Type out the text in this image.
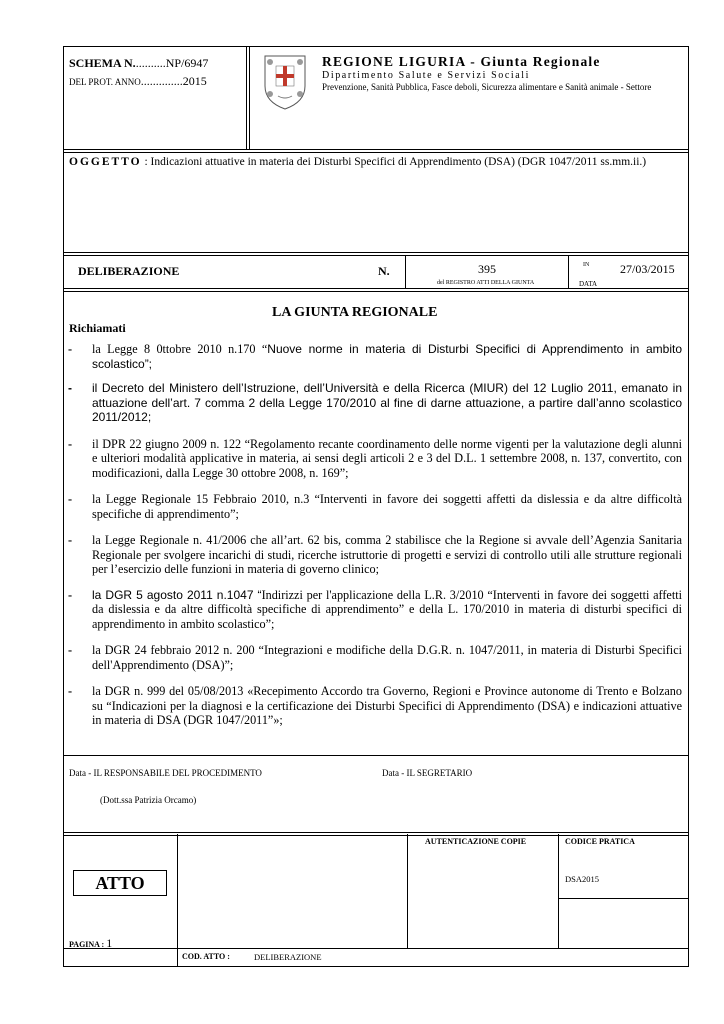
SCHEMA N...........NP/6947
DEL PROT. ANNO..............2015
REGIONE LIGURIA - Giunta Regionale
Dipartimento Salute e Servizi Sociali
Prevenzione, Sanità Pubblica, Fasce deboli, Sicurezza alimentare e Sanità animale - Settore
OGGETTO : Indicazioni attuative in materia dei Disturbi Specifici di Apprendimento (DSA) (DGR 1047/2011 ss.mm.ii.)
DELIBERAZIONE	N.	395
del REGISTRO ATTI DELLA GIUNTA
IN	27/03/2015
DATA
LA GIUNTA REGIONALE
Richiamati
- la Legge 8 0ttobre 2010 n.170 “Nuove norme in materia di Disturbi Specifici di Apprendimento in ambito scolastico”;
- il Decreto del Ministero dell’Istruzione, dell’Università e della Ricerca (MIUR) del 12 Luglio 2011, emanato in attuazione dell’art. 7 comma 2 della Legge 170/2010 al fine di darne attuazione, a partire dall’anno scolastico 2011/2012;
- il DPR 22 giugno 2009 n. 122 “Regolamento recante coordinamento delle norme vigenti per la valutazione degli alunni e ulteriori modalità applicative in materia, ai sensi degli articoli 2 e 3 del D.L. 1 settembre 2008, n. 137, convertito, con modificazioni, dalla Legge 30 ottobre 2008, n. 169”;
- la Legge Regionale 15 Febbraio 2010, n.3 “Interventi in favore dei soggetti affetti da dislessia e da altre difficoltà specifiche di apprendimento”;
- la Legge Regionale n. 41/2006 che all’art. 62 bis, comma 2 stabilisce che la Regione si avvale dell’Agenzia Sanitaria Regionale per svolgere incarichi di studi, ricerche istruttorie di progetti e servizi di controllo utili alle strutture regionali per l’esercizio delle funzioni in materia di governo clinico;
- la DGR 5 agosto 2011 n.1047 “Indirizzi per l'applicazione della L.R. 3/2010 “Interventi in favore dei soggetti affetti da dislessia e da altre difficoltà specifiche di apprendimento” e della L. 170/2010 in materia di disturbi specifici di apprendimento in ambito scolastico”;
- la DGR 24 febbraio 2012 n. 200 “Integrazioni e modifiche della D.G.R. n. 1047/2011, in materia di Disturbi Specifici dell'Apprendimento (DSA)”;
- la DGR n. 999 del 05/08/2013 «Recepimento Accordo tra Governo, Regioni e Province autonome di Trento e Bolzano su “Indicazioni per la diagnosi e la certificazione dei Disturbi Specifici di Apprendimento (DSA) e indicazioni attuative in materia di DSA (DGR 1047/2011”»;
Data - IL RESPONSABILE DEL PROCEDIMENTO	Data - IL SEGRETARIO
(Dott.ssa Patrizia Orcamo)
ATTO
PAGINA : 1
AUTENTICAZIONE COPIE	CODICE PRATICA
DSA2015
COD. ATTO :	DELIBERAZIONE
